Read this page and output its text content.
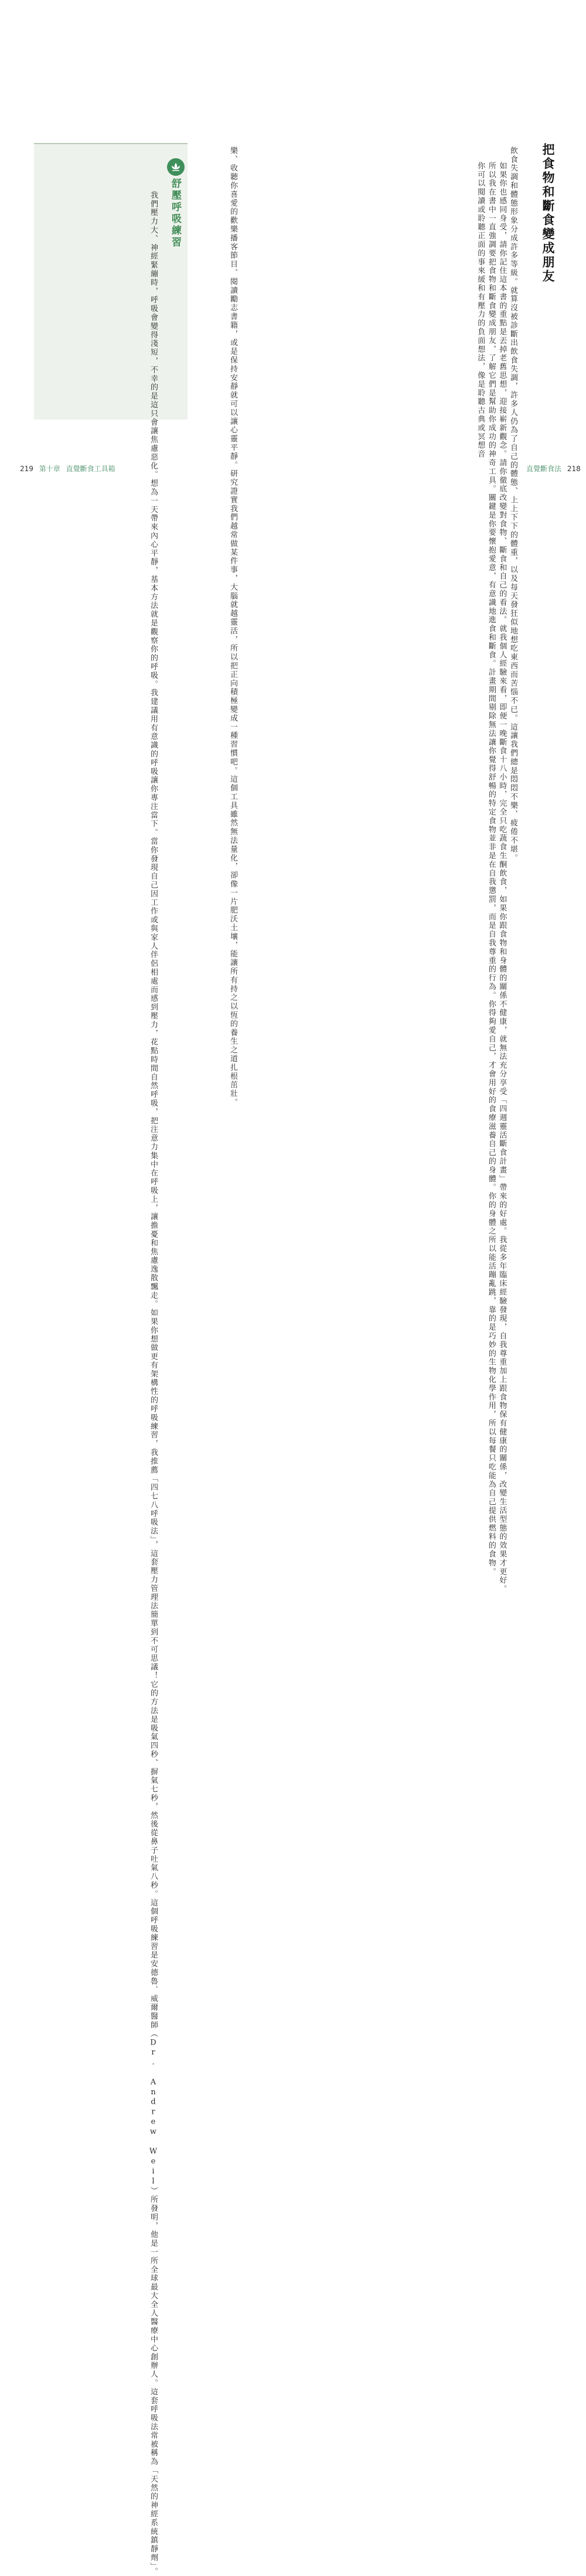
把食物和斷食變成朋友

飲食失調和體態形象分成許多等級。就算沒被診斷出飲食失調，許多人仍為了自己的體態、上上下下的體重，以及每天發狂似地想吃東西而苦惱不已。這讓我們總是悶悶不樂、疲倦不堪。

如果你也感同身受，請你記住這本書的重點是丟掉老舊思想，迎接嶄新觀念。請你徹底改變對食物、斷食和自己的看法。就我個人經驗來看，即便一晚斷食十八小時，完全只吃蔬食生酮飲食，如果你跟食物和身體的關係不健康，就無法充分享受「四週靈活斷食計畫」帶來的好處。我從多年臨床經驗發現，自我尊重加上跟食物保有健康的關係，改變生活型態的效果才更好。

所以我在書中一直強調要把食物和斷食變成朋友，了解它們是幫助你成功的神奇工具。關鍵是你要懷抱愛意，有意識地進食和斷食。計畫期間剔除無法讓你覺得舒暢的特定食物並非是在自我懲罰，而是自我尊重的行為。你得夠愛自己，才會用好的食療滋養自己的身體。你的身體之所以能活蹦亂跳，靠的是巧妙的生物化學作用，所以每餐只吃能為自己提供燃料的食物。

你可以閱讀或聆聽正面的事來緩和有壓力的負面想法，像是聆聽古典或冥想音

樂、收聽你喜愛的歡樂播客節目、閱讀勵志書籍，或是保持安靜就可以讓心靈平靜。研究證實我們越常做某件事，大腦就越靈活，所以把正向積極變成一種習慣吧。這個工具雖然無法量化，卻像一片肥沃土壤，能讓所有持之以恆的養生之道扎根茁壯。

舒壓呼吸練習

我們壓力大、神經緊繃時，呼吸會變得淺短，不幸的是這只會讓焦慮惡化。想為一天帶來內心平靜，基本方法就是觀察你的呼吸。我建議用有意識的呼吸讓你專注當下。當你發現自己因工作或與家人伴侶相處而感到壓力，花點時間自然呼吸，把注意力集中在呼吸上，讓擔憂和焦慮逸散飄走。如果你想做更有架構性的呼吸練習，我推薦「四七八呼吸法」，這套壓力管理法簡單到不可思議！它的方法是吸氣四秒、摒氣七秒，然後從鼻子吐氣八秒。這個呼吸練習是安德魯．威爾醫師（Dr. Andrew Weil）所發明，他是一所全球最大全人醫療中心創辦人。這套呼吸法常被稱為「天然的神經系統鎮靜劑」。

219 第十章 直覺斷食工具箱	直覺斷食法 218
